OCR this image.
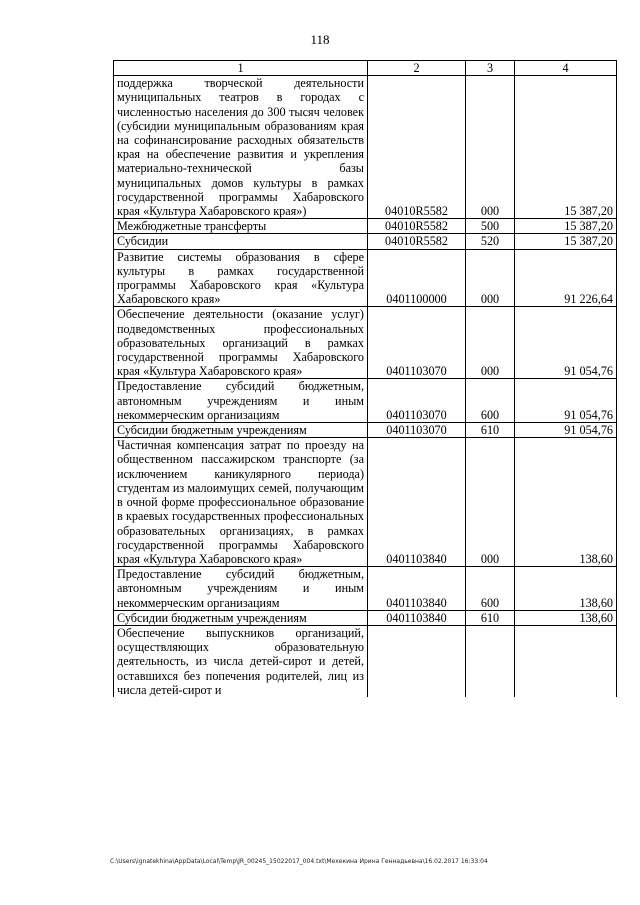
118
1	2	3	4
поддержка творческой деятельности муниципальных театров в городах с численностью населения до 300 тысяч человек (субсидии муниципальным образованиям края на софинансирование расходных обязательств края на обеспечение развития и укрепления материально-технической базы муниципальных домов культуры в рамках государственной программы Хабаровского края «Культура Хабаровского края»)	04010R5582	000	15 387,20
Межбюджетные трансферты	04010R5582	500	15 387,20
Субсидии	04010R5582	520	15 387,20
Развитие системы образования в сфере культуры в рамках государственной программы Хабаровского края «Культура Хабаровского края»	0401100000	000	91 226,64
Обеспечение деятельности (оказание услуг) подведомственных профессиональных образовательных организаций в рамках государственной программы Хабаровского края «Культура Хабаровского края»	0401103070	000	91 054,76
Предоставление субсидий бюджетным, автономным учреждениям и иным некоммерческим организациям	0401103070	600	91 054,76
Субсидии бюджетным учреждениям	0401103070	610	91 054,76
Частичная компенсация затрат по проезду на общественном пассажирском транспорте (за исключением каникулярного периода) студентам из малоимущих семей, получающим в очной форме профессиональное образование в краевых государственных профессиональных образовательных организациях, в рамках государственной программы Хабаровского края «Культура Хабаровского края»	0401103840	000	138,60
Предоставление субсидий бюджетным, автономным учреждениям и иным некоммерческим организациям	0401103840	600	138,60
Субсидии бюджетным учреждениям	0401103840	610	138,60
Обеспечение выпускников организаций, осуществляющих образовательную деятельность, из числа детей-сирот и детей, оставшихся без попечения родителей, лиц из числа детей-сирот и			
C:\Users\ignatekhina\AppData\Local\Temp\JR_00245_15022017_004.txt\Мехекина Ирина Геннадьевна\16.02.2017 16:33:04
